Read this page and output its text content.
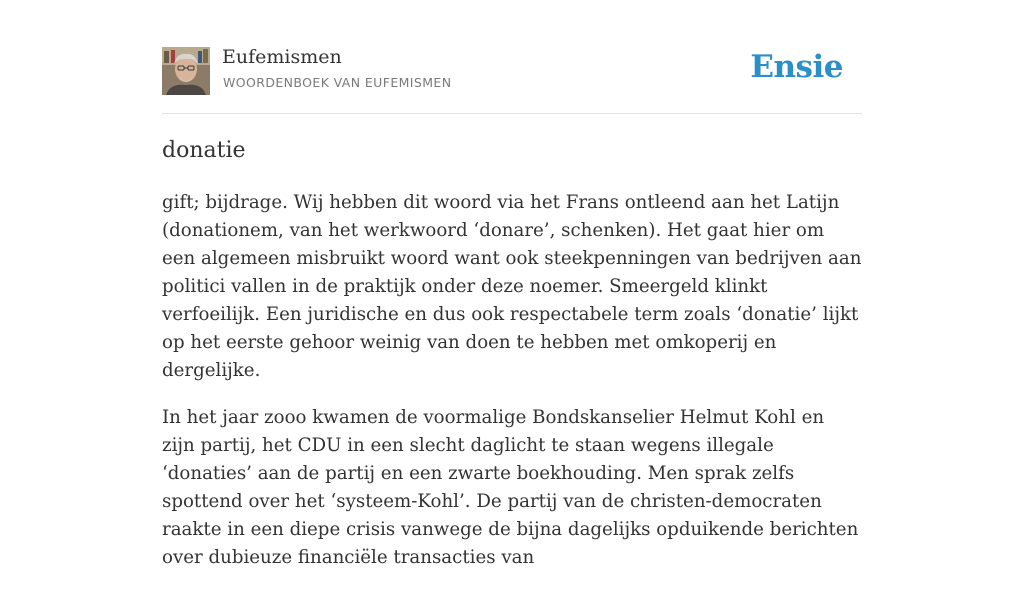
Eufemismen
WOORDENBOEK VAN EUFEMISMEN	Ensie
donatie

gift; bijdrage. Wij hebben dit woord via het Frans ontleend aan het Latijn (donationem, van het werkwoord ‘donare’, schenken). Het gaat hier om een algemeen misbruikt woord want ook steekpenningen van bedrijven aan politici vallen in de praktijk onder deze noemer. Smeergeld klinkt verfoeilijk. Een juridische en dus ook respectabele term zoals ‘donatie’ lijkt op het eerste gehoor weinig van doen te hebben met omkoperij en dergelijke.

In het jaar zooo kwamen de voormalige Bondskanselier Helmut Kohl en zijn partij, het CDU in een slecht daglicht te staan wegens illegale ‘donaties’ aan de partij en een zwarte boekhouding. Men sprak zelfs spottend over het ‘systeem-Kohl’. De partij van de christen-democraten raakte in een diepe crisis vanwege de bijna dagelijks opduikende berichten over dubieuze financiële transacties van
